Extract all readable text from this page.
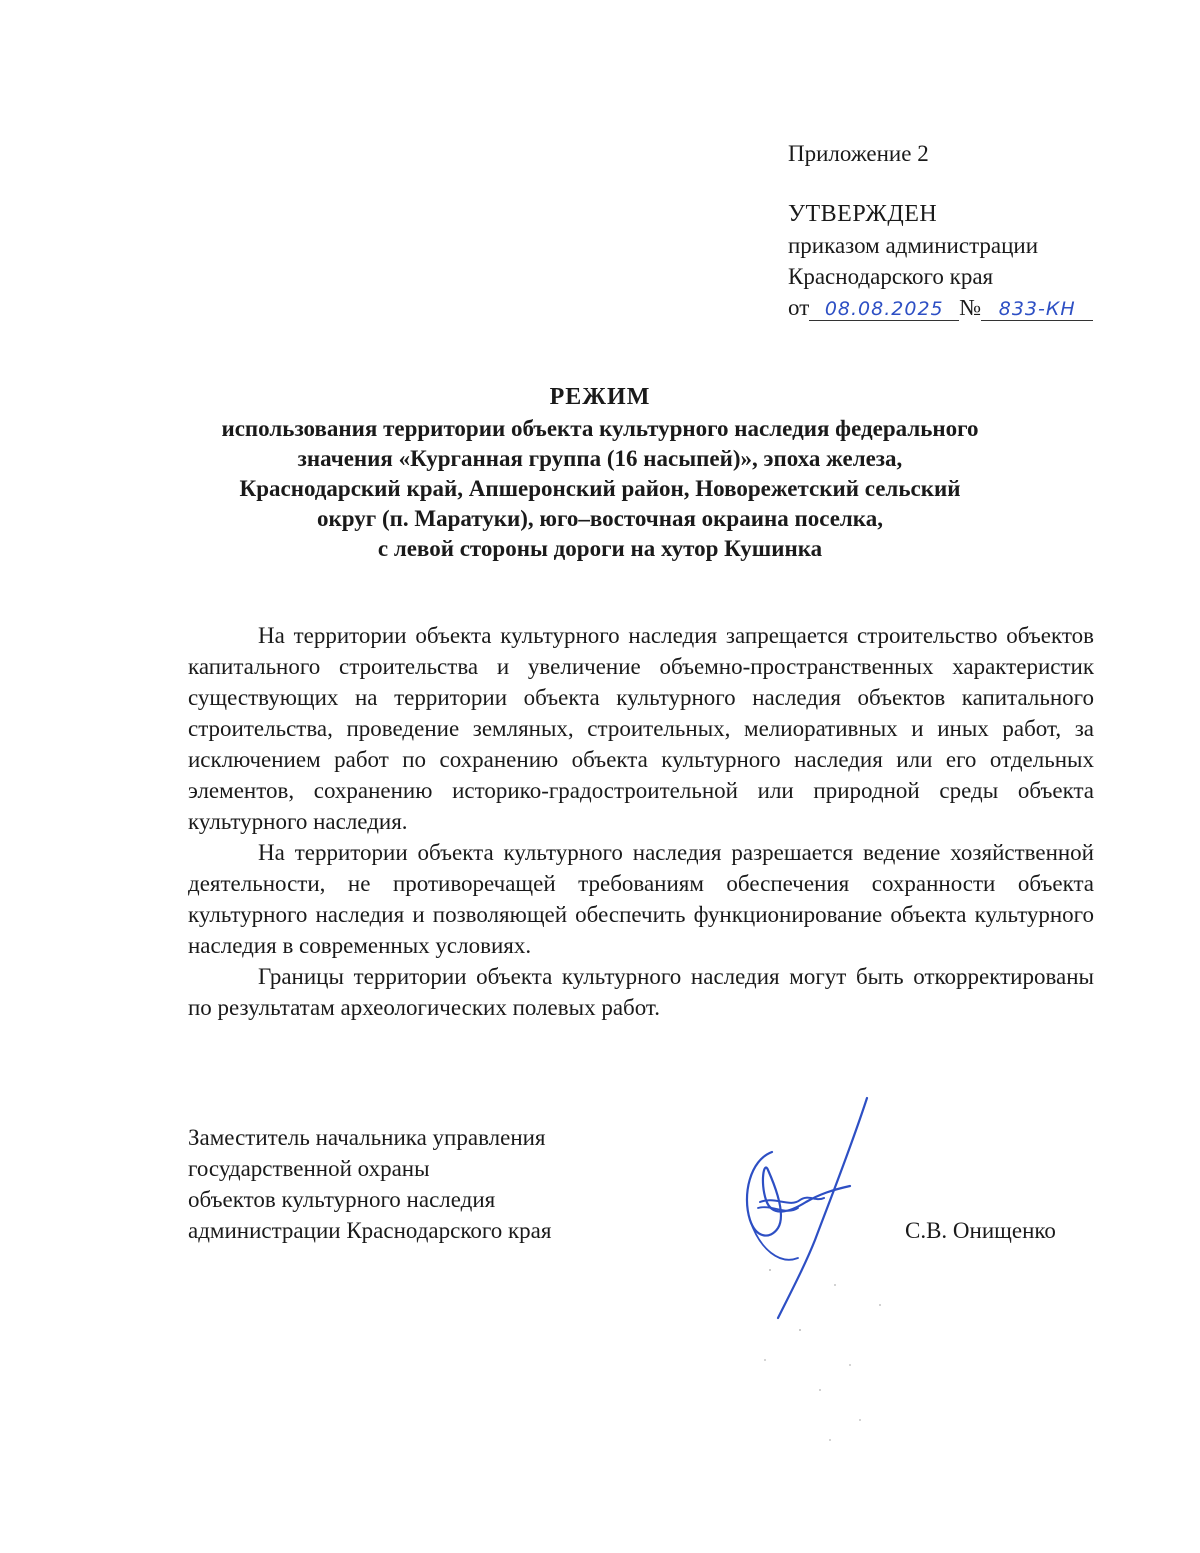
Приложение 2
УТВЕРЖДЕН
приказом администрации
Краснодарского края
от 08.08.2025 № 833-КН
РЕЖИМ
использования территории объекта культурного наследия федерального
значения «Курганная группа (16 насыпей)», эпоха железа,
Краснодарский край, Апшеронский район, Новорежетский сельский
округ (п. Маратуки), юго–восточная окраина поселка,
с левой стороны дороги на хутор Кушинка

На территории объекта культурного наследия запрещается строительство объектов капитального строительства и увеличение объемно-пространственных характеристик существующих на территории объекта культурного наследия объектов капитального строительства, проведение земляных, строительных, мелиоративных и иных работ, за исключением работ по сохранению объекта культурного наследия или его отдельных элементов, сохранению историко-градостроительной или природной среды объекта культурного наследия.

На территории объекта культурного наследия разрешается ведение хозяйственной деятельности, не противоречащей требованиям обеспечения сохранности объекта культурного наследия и позволяющей обеспечить функционирование объекта культурного наследия в современных условиях.

Границы территории объекта культурного наследия могут быть откорректированы по результатам археологических полевых работ.

Заместитель начальника управления
государственной охраны
объектов культурного наследия
администрации Краснодарского края	С.В. Онищенко
